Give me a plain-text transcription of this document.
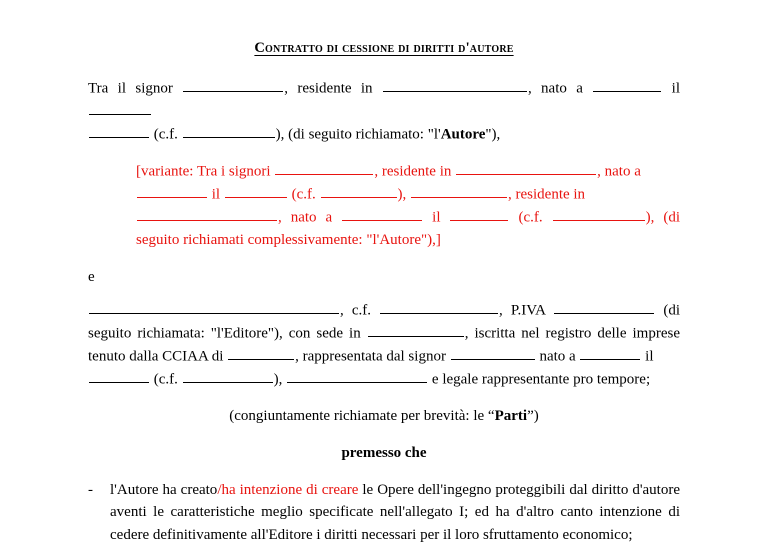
Contratto di cessione di diritti d'autore

Tra il signor	, residente in	, nato a	il
(c.f.	), (di seguito richiamato: "l'Autore"),

[variante: Tra i signori	, residente in	, nato a
il	(c.f.	),	, residente in
, nato a	il	(c.f.	), (di seguito richiamati complessivamente: "l'Autore"),]

e

, c.f.	, P.IVA	(di seguito richiamata: "l'Editore"), con sede in	, iscritta nel registro delle imprese tenuto dalla CCIAA di	, rappresentata dal signor	nato a	il
(c.f.	),	e legale rappresentante pro tempore;

(congiuntamente richiamate per brevità: le “Parti”)

premesso che

-	l'Autore ha creato/ha intenzione di creare le Opere dell'ingegno proteggibili dal diritto d'autore aventi le caratteristiche meglio specificate nell'allegato I; ed ha d'altro canto intenzione di cedere definitivamente all'Editore i diritti necessari per il loro sfruttamento economico;
